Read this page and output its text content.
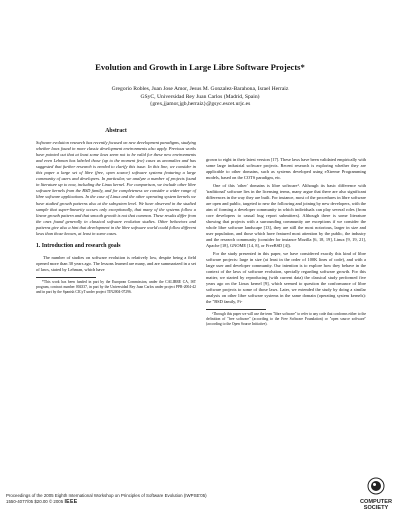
Evolution and Growth in Large Libre Software Projects*
Gregorio Robles, Juan Jose Amor, Jesus M. Gonzalez-Barahona, Israel Herraiz
GSyC, Universidad Rey Juan Carlos (Madrid, Spain)
{grex,jjamor,jgb,herraiz}@gsyc.escet.urjc.es
Abstract

Software evolution research has recently focused on new development paradigms, studying whether laws found in more classic development environments also apply. Previous works have pointed out that at least some laws seem not to be valid for these new environments and even Lehman has labeled those (up to the moment few) cases as anomalies and has suggested that further research is needed to clarify this issue. In this line, we consider in this paper a large set of libre (free, open source) software systems featuring a large community of users and developers. In particular, we analyze a number of projects found in literature up to now, including the Linux kernel. For comparison, we include other libre software kernels from the BSD family, and for completeness we consider a wider range of libre software applications. In the case of Linux and the other operating system kernels we have studied growth patterns also at the subsystem level. We have observed in the studied sample that super-linearity occurs only exceptionally, that many of the systems follow a linear growth pattern and that smooth growth is not that common. These results differ from the ones found generally in classical software evolution studies. Other behaviors and patterns give also a hint that development in the libre software world could follow different laws than those known, at least in some cases.

1. Introduction and research goals

The number of studies on software evolution is relatively low, despite being a field opened more than 30 years ago. The lessons learned are many, and are summarized in a set of laws, stated by Lehman, which have

*This work has been funded in part by the European Commission, under the CALIBRE CA, IST program, contract number 004337, in part by the Universidad Rey Juan Carlos under project PPR-2004-42 and in part by the Spanish CICyT under project TIN2004-07296.

grown to eight in their latest version [17]. These laws have been validated empirically with some large industrial software projects. Recent research is exploring whether they are applicable to other domains, such as systems developed using eXtreme Programming models, based on the COTS paradigm, etc.

One of this 'other' domains is libre software¹. Although its basic difference with 'traditional' software lies in the licensing terms, many argue that there are also significant differences in the way they are built. For instance, most of the procedures in libre software are open and public, targeted to new the following and joining by new developers, with the aim of forming a developer community in which individuals can play several roles (from core developers to casual bug report submitters). Although there is some literature showing that projects with a surrounding community are exceptions if we consider the whole libre software landscape [13], they are still the most notorious, larger in size and user population, and those which have featured most attention by the public, the industry and the research community (consider for instance Mozilla [6, 18, 19], Linux [9, 19, 21], Apache [18], GNOME [14, 8], or FreeBSD [4]).

For the study presented in this paper, we have considered exactly this kind of libre software projects: large in size (at least in the order of 100K lines of code), and with a large user and developer community. Our intention is to explore how they behave in the context of the laws of software evolution, specially regarding software growth. For this matter, we started by reproducing (with current data) the classical study performed five years ago on the Linux kernel [9], which seemed to question the conformance of libre software projects to some of those laws. Later, we extended the study by doing a similar analysis on other libre software systems in the same domain (operating system kernels): the "BSD family, Fi-

¹Through this paper we will use the term "libre software" to refer to any code that conforms either to the definition of "free software" (according to the Free Software Foundation) or "open source software" (according to the Open Source Initiative).

Proceedings of the 2005 Eighth International Workshop on Principles of Software Evolution (IWPSE'05)
1550-4077/05 $20.00 © 2005 IEEE	COMPUTER
SOCIETY
